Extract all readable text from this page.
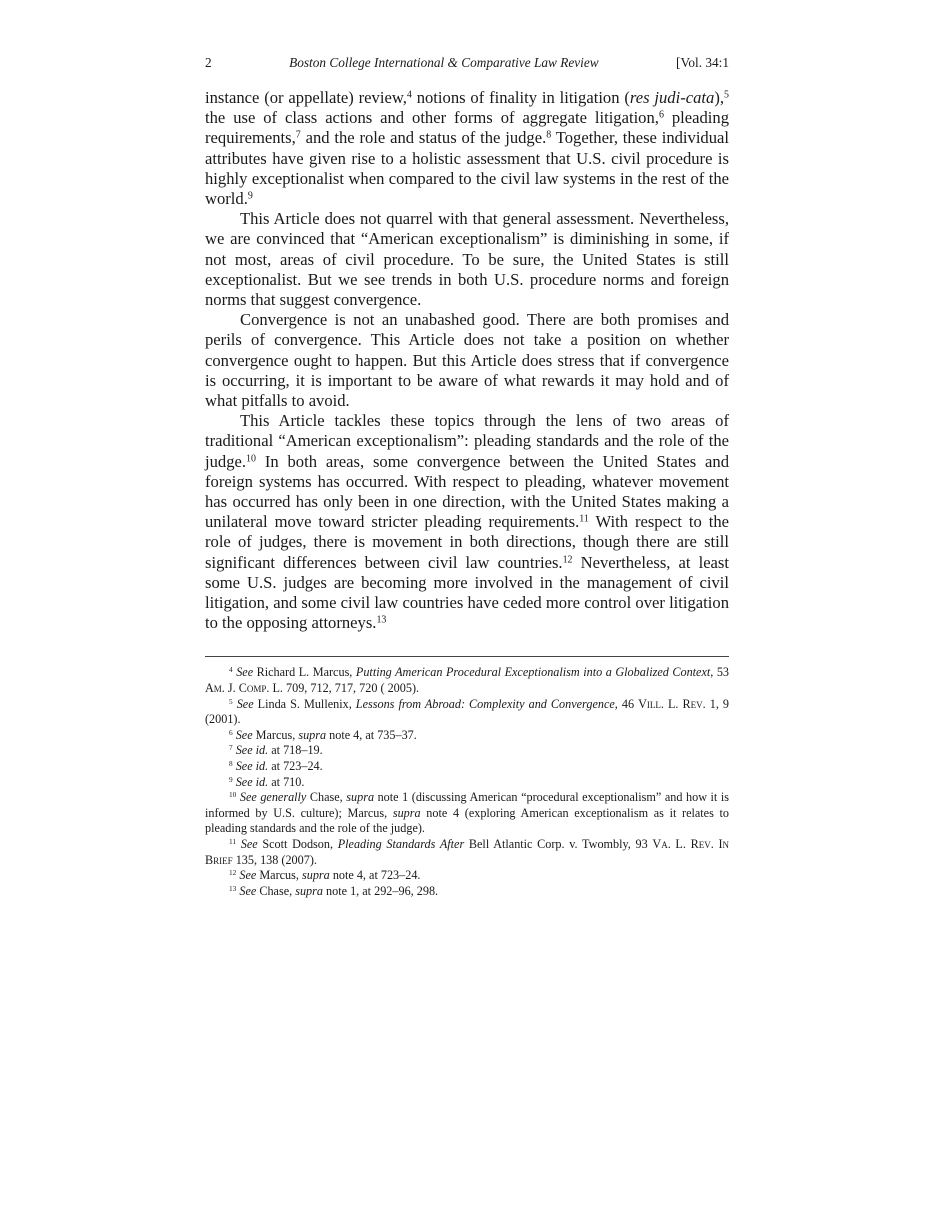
2	Boston College International & Comparative Law Review	[Vol. 34:1

instance (or appellate) review,$^4$ notions of finality in litigation (res judi-cata),$^5$ the use of class actions and other forms of aggregate litigation,$^6$ pleading requirements,$^7$ and the role and status of the judge.$^8$ Together, these individual attributes have given rise to a holistic assessment that U.S. civil procedure is highly exceptionalist when compared to the civil law systems in the rest of the world.$^9$

This Article does not quarrel with that general assessment. Nevertheless, we are convinced that “American exceptionalism” is diminishing in some, if not most, areas of civil procedure. To be sure, the United States is still exceptionalist. But we see trends in both U.S. procedure norms and foreign norms that suggest convergence.

Convergence is not an unabashed good. There are both promises and perils of convergence. This Article does not take a position on whether convergence ought to happen. But this Article does stress that if convergence is occurring, it is important to be aware of what rewards it may hold and of what pitfalls to avoid.

This Article tackles these topics through the lens of two areas of traditional “American exceptionalism”: pleading standards and the role of the judge.$^{10}$ In both areas, some convergence between the United States and foreign systems has occurred. With respect to pleading, whatever movement has occurred has only been in one direction, with the United States making a unilateral move toward stricter pleading requirements.$^{11}$ With respect to the role of judges, there is movement in both directions, though there are still significant differences between civil law countries.$^{12}$ Nevertheless, at least some U.S. judges are becoming more involved in the management of civil litigation, and some civil law countries have ceded more control over litigation to the opposing attorneys.$^{13}$

$^4$ See Richard L. Marcus, Putting American Procedural Exceptionalism into a Globalized Context, 53 Am. J. Comp. L. 709, 712, 717, 720 ( 2005).

$^5$ See Linda S. Mullenix, Lessons from Abroad: Complexity and Convergence, 46 Vill. L. Rev. 1, 9 (2001).

$^6$ See Marcus, supra note 4, at 735–37.

$^7$ See id. at 718–19.

$^8$ See id. at 723–24.

$^9$ See id. at 710.

$^{10}$ See generally Chase, supra note 1 (discussing American “procedural exceptionalism” and how it is informed by U.S. culture); Marcus, supra note 4 (exploring American exceptionalism as it relates to pleading standards and the role of the judge).

$^{11}$ See Scott Dodson, Pleading Standards After Bell Atlantic Corp. v. Twombly, 93 Va. L. Rev. In Brief 135, 138 (2007).

$^{12}$ See Marcus, supra note 4, at 723–24.

$^{13}$ See Chase, supra note 1, at 292–96, 298.
